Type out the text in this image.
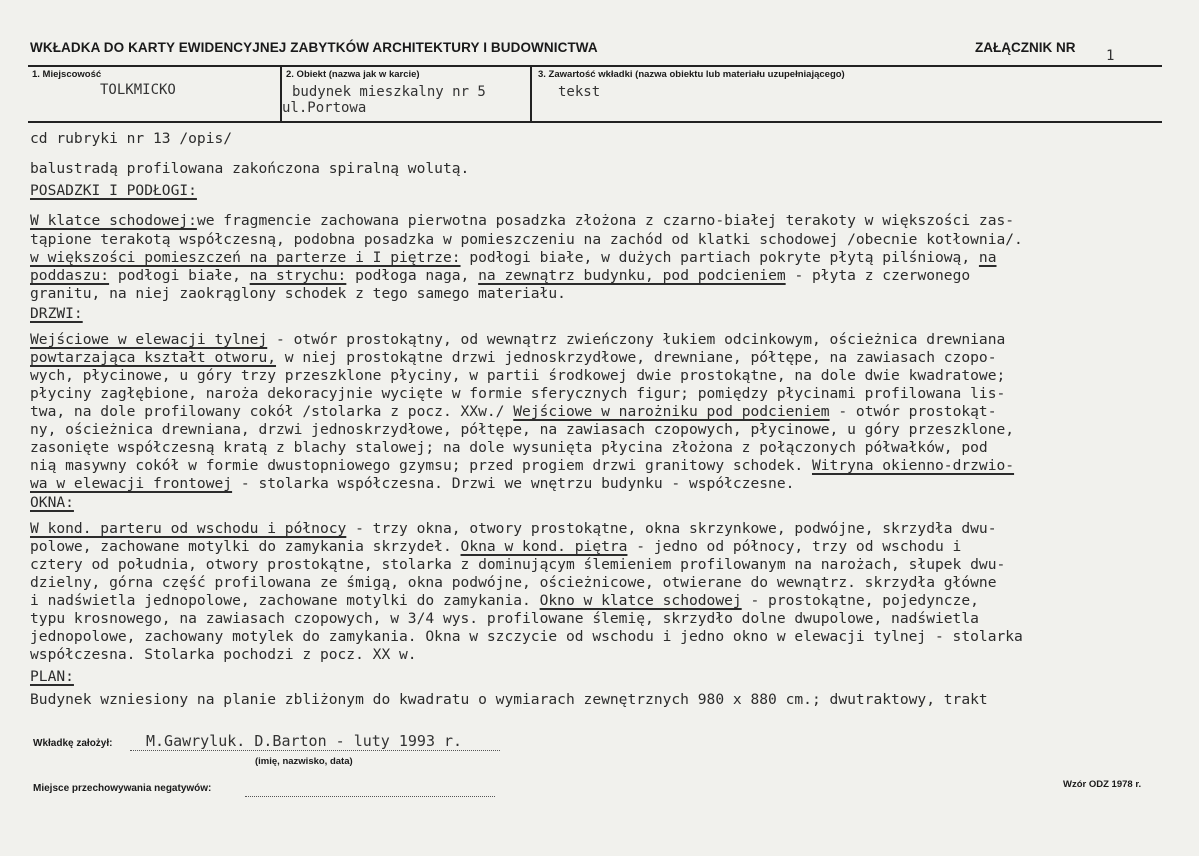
WKŁADKA DO KARTY EWIDENCYJNEJ ZABYTKÓW ARCHITEKTURY I BUDOWNICTWA	ZAŁĄCZNIK NR
1
1. Miejscowość
TOLKMICKO
2. Obiekt (nazwa jak w karcie)
budynek mieszkalny nr 5
ul.Portowa
3. Zawartość wkładki (nazwa obiektu lub materiału uzupełniającego)
tekst
cd rubryki nr 13 /opis/
balustradą profilowana zakończona spiralną wolutą.
POSADZKI I PODŁOGI:
W klatce schodowej:we fragmencie zachowana pierwotna posadzka złożona z czarno-białej terakoty w większości zas-
tąpione terakotą współczesną, podobna posadzka w pomieszczeniu na zachód od klatki schodowej /obecnie kotłownia/.
w większości pomieszczeń na parterze i I piętrze: podłogi białe, w dużych partiach pokryte płytą pilśniową, na
poddaszu: podłogi białe, na strychu: podłoga naga, na zewnątrz budynku, pod podcieniem - płyta z czerwonego
granitu, na niej zaokrąglony schodek z tego samego materiału.
DRZWI:
Wejściowe w elewacji tylnej - otwór prostokątny, od wewnątrz zwieńczony łukiem odcinkowym, ościeżnica drewniana
powtarzająca kształt otworu, w niej prostokątne drzwi jednoskrzydłowe, drewniane, półtępe, na zawiasach czopo-
wych, płycinowe, u góry trzy przeszklone płyciny, w partii środkowej dwie prostokątne, na dole dwie kwadratowe;
płyciny zagłębione, naroża dekoracyjnie wycięte w formie sferycznych figur; pomiędzy płycinami profilowana lis-
twa, na dole profilowany cokół /stolarka z pocz. XXw./ Wejściowe w narożniku pod podcieniem - otwór prostokąt-
ny, ościeżnica drewniana, drzwi jednoskrzydłowe, półtępe, na zawiasach czopowych, płycinowe, u góry przeszklone,
zasonięte współczesną kratą z blachy stalowej; na dole wysunięta płycina złożona z połączonych półwałków, pod
nią masywny cokół w formie dwustopniowego gzymsu; przed progiem drzwi granitowy schodek. Witryna okienno-drzwio-
wa w elewacji frontowej - stolarka współczesna. Drzwi we wnętrzu budynku - współczesne.
OKNA:
W kond. parteru od wschodu i północy - trzy okna, otwory prostokątne, okna skrzynkowe, podwójne, skrzydła dwu-
polowe, zachowane motylki do zamykania skrzydeł. Okna w kond. piętra - jedno od północy, trzy od wschodu i
cztery od południa, otwory prostokątne, stolarka z dominującym ślemieniem profilowanym na narożach, słupek dwu-
dzielny, górna część profilowana ze śmigą, okna podwójne, ościeżnicowe, otwierane do wewnątrz. skrzydła główne
i nadświetla jednopolowe, zachowane motylki do zamykania. Okno w klatce schodowej - prostokątne, pojedyncze,
typu krosnowego, na zawiasach czopowych, w 3/4 wys. profilowane ślemię, skrzydło dolne dwupolowe, nadświetla
jednopolowe, zachowany motylek do zamykania. Okna w szczycie od wschodu i jedno okno w elewacji tylnej - stolarka
współczesna. Stolarka pochodzi z pocz. XX w.
PLAN:
Budynek wzniesiony na planie zbliżonym do kwadratu o wymiarach zewnętrznych 980 x 880 cm.; dwutraktowy, trakt
Wkładkę założył: M.Gawryluk. D.Barton - luty 1993 r.
(imię, nazwisko, data)
Miejsce przechowywania negatywów:	Wzór ODZ 1978 r.
